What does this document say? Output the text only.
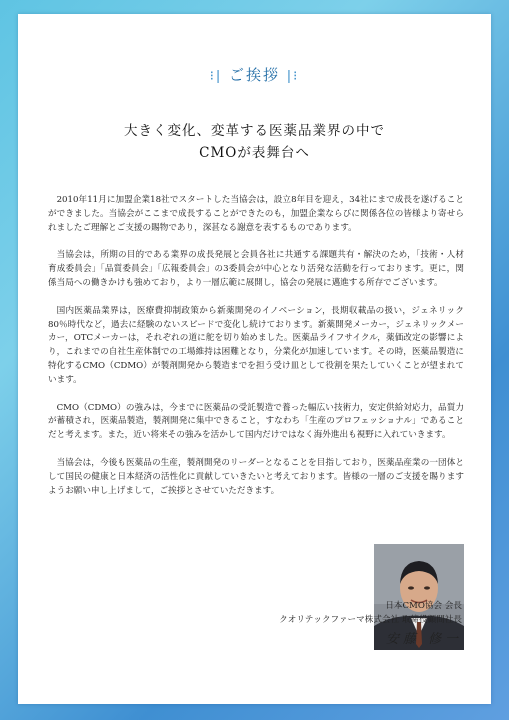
⁝| ご挨拶 |⁝
大きく変化、変革する医薬品業界の中で
CMOが表舞台へ

2010年11月に加盟企業18社でスタートした当協会は，設立8年目を迎え，34社にまで成長を遂げることができました。当協会がここまで成長することができたのも，加盟企業ならびに関係各位の皆様より寄せられましたご理解とご支援の賜物であり，深甚なる謝意を表するものであります。

当協会は，所期の目的である業界の成長発展と会員各社に共通する課題共有・解決のため，「技術・人材育成委員会」「品質委員会」「広報委員会」の3委員会が中心となり活発な活動を行っております。更に，関係当局への働きかけも強めており，より一層広範に展開し，協会の発展に邁進する所存でございます。

国内医薬品業界は，医療費抑制政策から新薬開発のイノベーション，長期収載品の扱い，ジェネリック80％時代など，過去に経験のないスピードで変化し続けております。新薬開発メーカー，ジェネリックメーカー，OTCメーカーは，それぞれの道に舵を切り始めました。医薬品ライフサイクル，薬価改定の影響により，これまでの自社生産体制での工場維持は困難となり，分業化が加速しています。その時，医薬品製造に特化するCMO（CDMO）が製剤開発から製造までを担う受け皿として役割を果たしていくことが望まれています。

CMO（CDMO）の強みは，今までに医薬品の受託製造で養った幅広い技術力，安定供給対応力，品質力が蓄積され，医薬品製造，製剤開発に集中できること，すなわち「生産のプロフェッショナル」であることだと考えます。また，近い将来その強みを活かして国内だけではなく海外進出も視野に入れていきます。

当協会は，今後も医薬品の生産，製剤開発のリーダーとなることを目指しており，医薬品産業の一団体として国民の健康と日本経済の活性化に貢献していきたいと考えております。皆様の一層のご支援を賜りますようお願い申し上げまして，ご挨拶とさせていただきます。

日本CMO協会 会長
クオリテックファーマ株式会社 取締役顧問社長
安藤 修一
